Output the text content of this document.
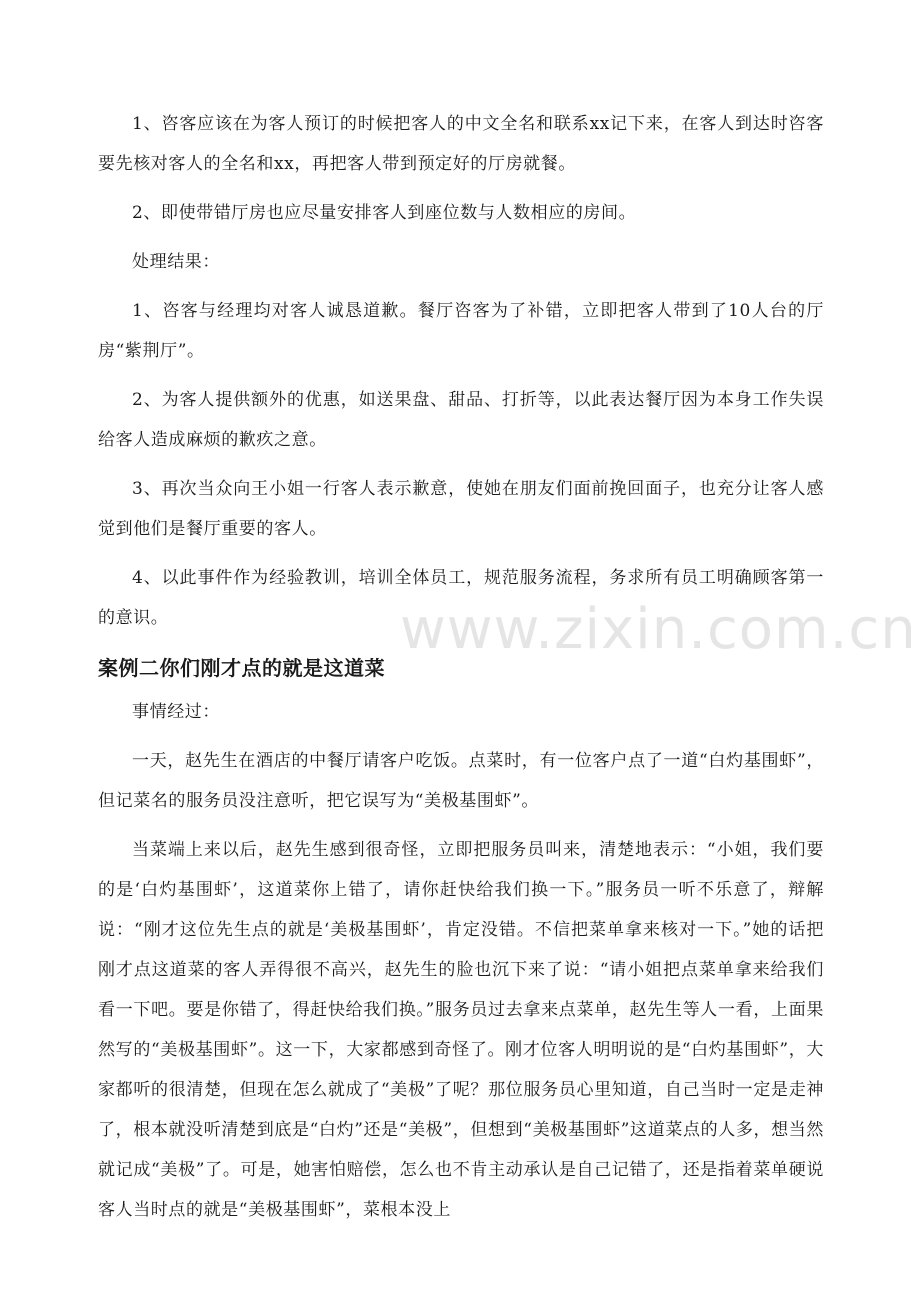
1、咨客应该在为客人预订的时候把客人的中文全名和联系xx记下来，在客人到达时咨客要先核对客人的全名和xx，再把客人带到预定好的厅房就餐。

2、即使带错厅房也应尽量安排客人到座位数与人数相应的房间。

处理结果：

1、咨客与经理均对客人诚恳道歉。餐厅咨客为了补错，立即把客人带到了10人台的厅房“紫荆厅”。

2、为客人提供额外的优惠，如送果盘、甜品、打折等，以此表达餐厅因为本身工作失误给客人造成麻烦的歉疚之意。

3、再次当众向王小姐一行客人表示歉意，使她在朋友们面前挽回面子，也充分让客人感觉到他们是餐厅重要的客人。

4、以此事件作为经验教训，培训全体员工，规范服务流程，务求所有员工明确顾客第一的意识。

案例二你们刚才点的就是这道菜

事情经过：

一天，赵先生在酒店的中餐厅请客户吃饭。点菜时，有一位客户点了一道“白灼基围虾”，但记菜名的服务员没注意听，把它误写为“美极基围虾”。

当菜端上来以后，赵先生感到很奇怪，立即把服务员叫来，清楚地表示：“小姐，我们要的是‘白灼基围虾’，这道菜你上错了，请你赶快给我们换一下。”服务员一听不乐意了，辩解说：“刚才这位先生点的就是‘美极基围虾’，肯定没错。不信把菜单拿来核对一下。”她的话把刚才点这道菜的客人弄得很不高兴，赵先生的脸也沉下来了说：“请小姐把点菜单拿来给我们看一下吧。要是你错了，得赶快给我们换。”服务员过去拿来点菜单，赵先生等人一看，上面果然写的“美极基围虾”。这一下，大家都感到奇怪了。刚才位客人明明说的是“白灼基围虾”，大家都听的很清楚，但现在怎么就成了“美极”了呢？那位服务员心里知道，自己当时一定是走神了，根本就没听清楚到底是“白灼”还是“美极”，但想到“美极基围虾”这道菜点的人多，想当然就记成“美极”了。可是，她害怕赔偿，怎么也不肯主动承认是自己记错了，还是指着菜单硬说客人当时点的就是“美极基围虾”，菜根本没上

www.zixin.com.cn
